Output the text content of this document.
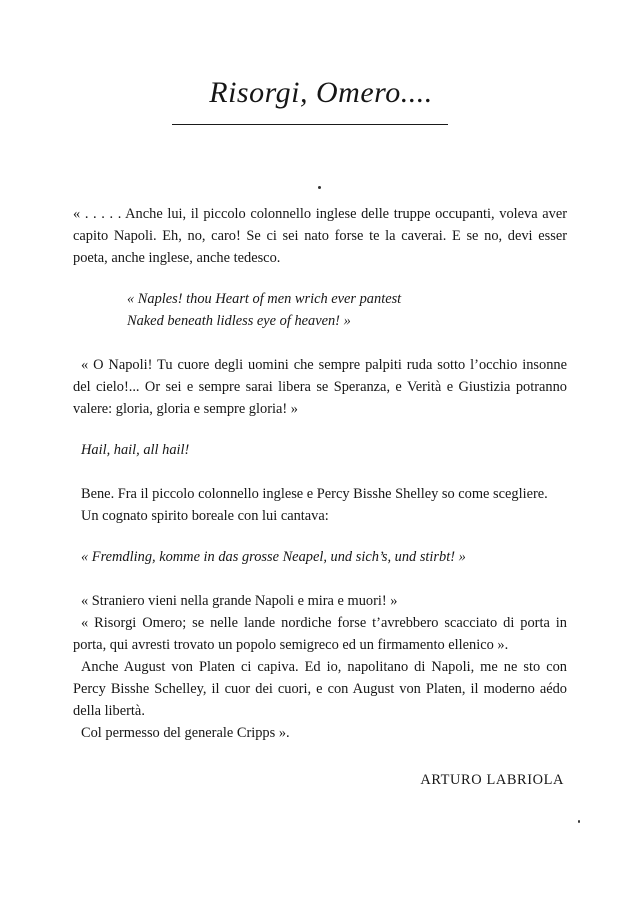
Risorgi, Omero....

« . . . . . Anche lui, il piccolo colonnello inglese delle truppe occupanti, voleva aver capito Napoli. Eh, no, caro! Se ci sei nato forse te la caverai. E se no, devi esser poeta, anche inglese, anche tedesco.

« Naples! thou Heart of men wrich ever pantest
Naked beneath lidless eye of heaven! »

« O Napoli! Tu cuore degli uomini che sempre palpiti ruda sotto l’occhio insonne del cielo!... Or sei e sempre sarai libera se Speranza, e Verità e Giustizia potranno valere: gloria, gloria e sempre gloria! »

Hail, hail, all hail!

Bene. Fra il piccolo colonnello inglese e Percy Bisshe Shelley so come scegliere.

Un cognato spirito boreale con lui cantava:

« Fremdling, komme in das grosse Neapel, und sich’s, und stirbt! »

« Straniero vieni nella grande Napoli e mira e muori! »

« Risorgi Omero; se nelle lande nordiche forse t’avrebbero scacciato di porta in porta, qui avresti trovato un popolo semigreco ed un firmamento ellenico ».

Anche August von Platen ci capiva. Ed io, napolitano di Napoli, me ne sto con Percy Bisshe Schelley, il cuor dei cuori, e con August von Platen, il moderno aédo della libertà.

Col permesso del generale Cripps ».

ARTURO LABRIOLA
